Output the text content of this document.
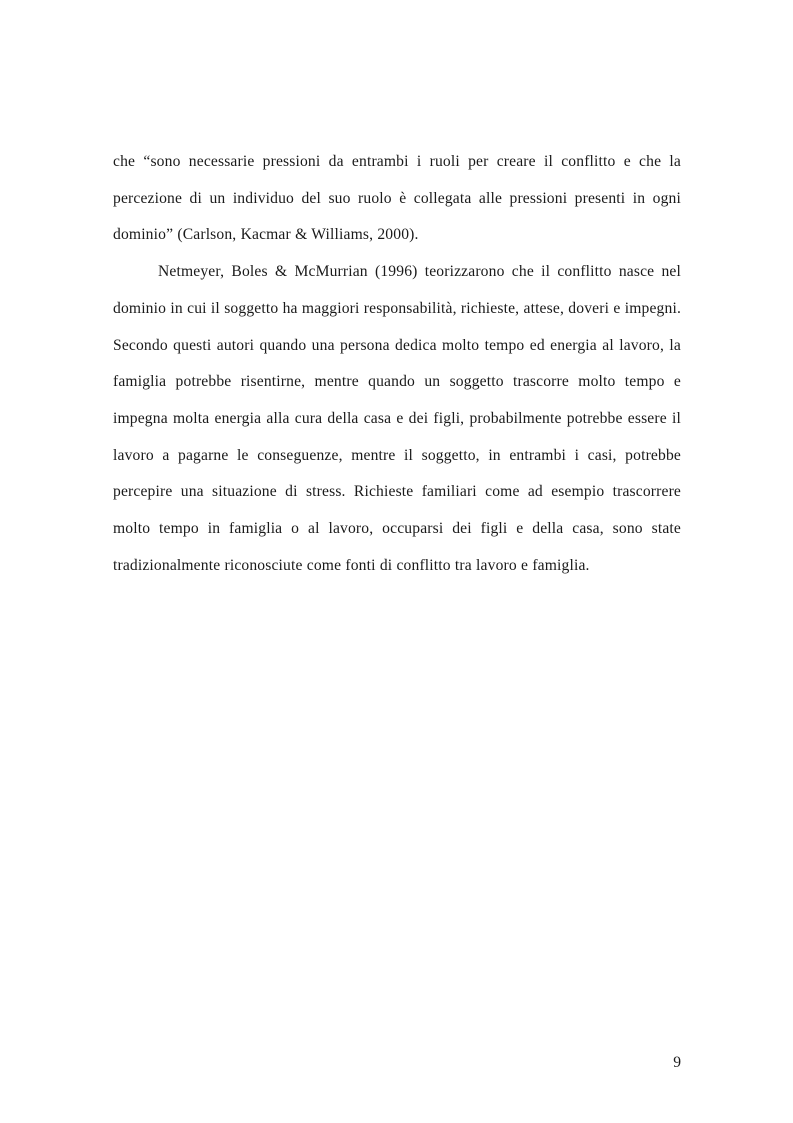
che “sono necessarie pressioni da entrambi i ruoli per creare il conflitto e che la percezione di un individuo del suo ruolo è collegata alle pressioni presenti in ogni dominio” (Carlson, Kacmar & Williams, 2000).

Netmeyer, Boles & McMurrian (1996) teorizzarono che il conflitto nasce nel dominio in cui il soggetto ha maggiori responsabilità, richieste, attese, doveri e impegni. Secondo questi autori quando una persona dedica molto tempo ed energia al lavoro, la famiglia potrebbe risentirne, mentre quando un soggetto trascorre molto tempo e impegna molta energia alla cura della casa e dei figli, probabilmente potrebbe essere il lavoro a pagarne le conseguenze, mentre il soggetto, in entrambi i casi, potrebbe percepire una situazione di stress. Richieste familiari come ad esempio trascorrere molto tempo in famiglia o al lavoro, occuparsi dei figli e della casa, sono state tradizionalmente riconosciute come fonti di conflitto tra lavoro e famiglia.

9
